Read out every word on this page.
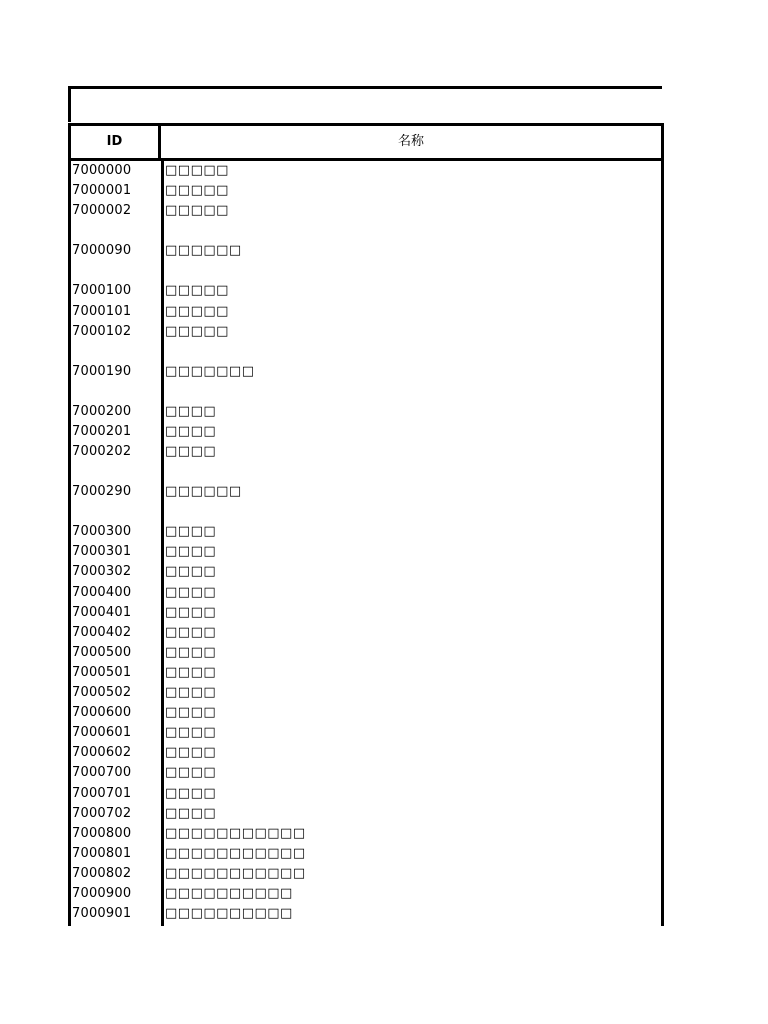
ID	名称
7000000	□□□□□
7000001	□□□□□
7000002	□□□□□
7000090	□□□□□□
7000100	□□□□□
7000101	□□□□□
7000102	□□□□□
7000190	□□□□□□□
7000200	□□□□
7000201	□□□□
7000202	□□□□
7000290	□□□□□□
7000300	□□□□
7000301	□□□□
7000302	□□□□
7000400	□□□□
7000401	□□□□
7000402	□□□□
7000500	□□□□
7000501	□□□□
7000502	□□□□
7000600	□□□□
7000601	□□□□
7000602	□□□□
7000700	□□□□
7000701	□□□□
7000702	□□□□
7000800	□□□□□□□□□□□
7000801	□□□□□□□□□□□
7000802	□□□□□□□□□□□
7000900	□□□□□□□□□□
7000901	□□□□□□□□□□
